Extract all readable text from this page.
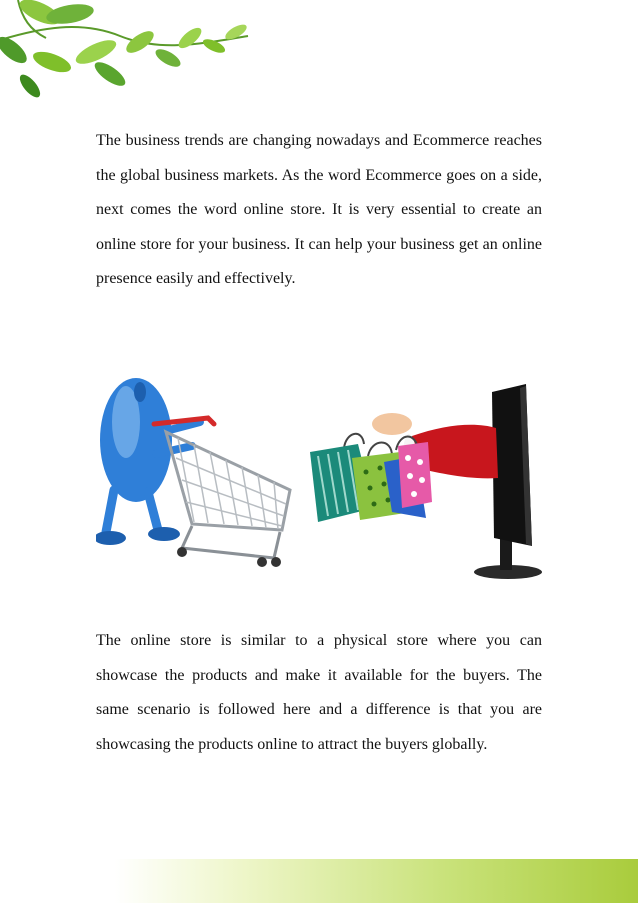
The business trends are changing nowadays and Ecommerce reaches the global business markets. As the word Ecommerce goes on a side, next comes the word online store. It is very essential to create an online store for your business. It can help your business get an online presence easily and effectively.

The online store is similar to a physical store where you can showcase the products and make it available for the buyers. The same scenario is followed here and a difference is that you are showcasing the products online to attract the buyers globally.
